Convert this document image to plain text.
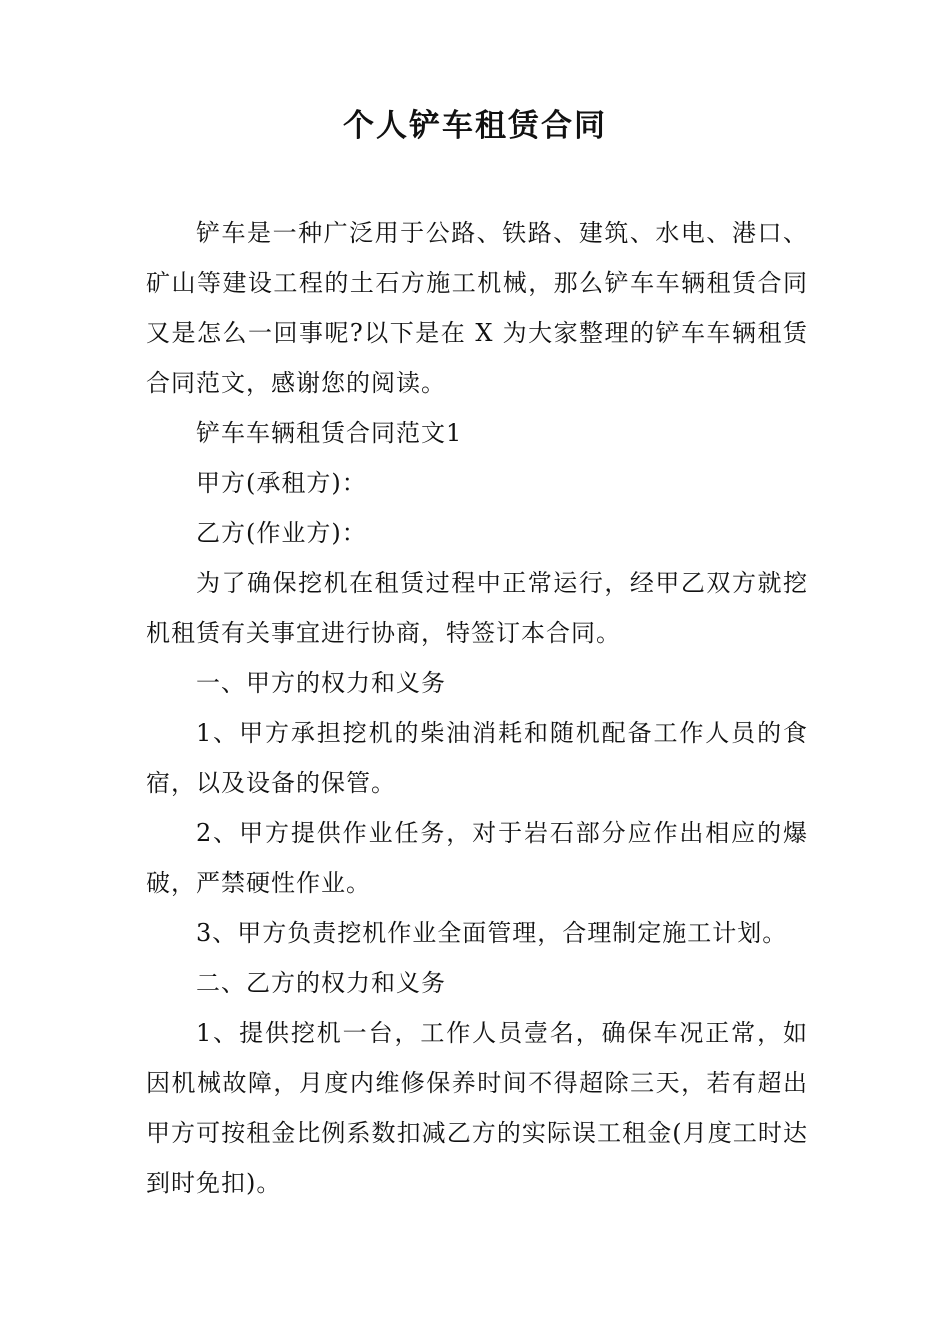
个人铲车租赁合同

铲车是一种广泛用于公路、铁路、建筑、水电、港口、矿山等建设工程的土石方施工机械，那么铲车车辆租赁合同又是怎么一回事呢?以下是在 X 为大家整理的铲车车辆租赁合同范文，感谢您的阅读。

铲车车辆租赁合同范文1

甲方(承租方)：

乙方(作业方)：

为了确保挖机在租赁过程中正常运行，经甲乙双方就挖机租赁有关事宜进行协商，特签订本合同。

一、甲方的权力和义务

1、甲方承担挖机的柴油消耗和随机配备工作人员的食宿，以及设备的保管。

2、甲方提供作业任务，对于岩石部分应作出相应的爆破，严禁硬性作业。

3、甲方负责挖机作业全面管理，合理制定施工计划。

二、乙方的权力和义务

1、提供挖机一台，工作人员壹名，确保车况正常，如因机械故障，月度内维修保养时间不得超除三天，若有超出甲方可按租金比例系数扣减乙方的实际误工租金(月度工时达到时免扣)。
